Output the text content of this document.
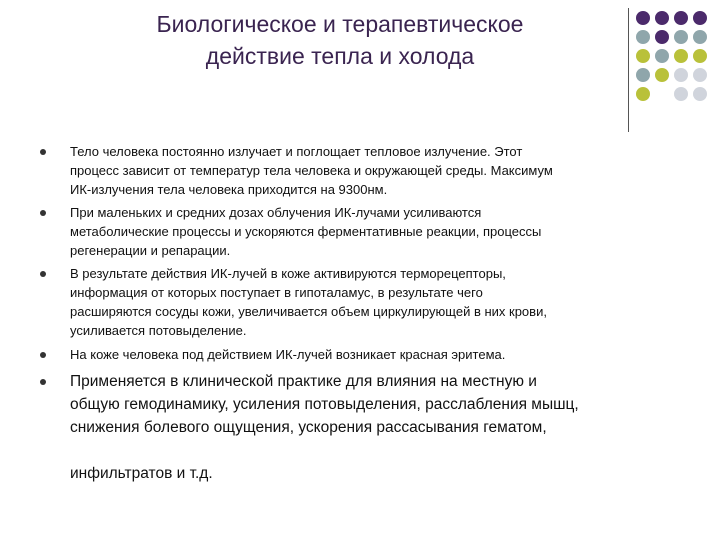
Биологическое и терапевтическое
действие тепла и холода

Тело человека постоянно излучает и поглощает тепловое излучение. Этот
процесс зависит от температур тела человека и окружающей среды. Максимум
ИК-излучения тела человека приходится на 9300нм.

При маленьких и средних дозах облучения ИК-лучами усиливаются
метаболические процессы и ускоряются ферментативные реакции, процессы
регенерации и репарации.

В результате действия ИК-лучей в коже активируются терморецепторы,
информация от которых поступает в гипоталамус, в результате чего
расширяются сосуды кожи, увеличивается объем циркулирующей в них крови,
усиливается потовыделение.

На коже человека под действием ИК-лучей возникает красная эритема.

Применяется в клинической практике для влияния на местную и
общую гемодинамику, усиления потовыделения, расслабления мышц,
снижения болевого ощущения, ускорения рассасывания гематом,

инфильтратов и т.д.
